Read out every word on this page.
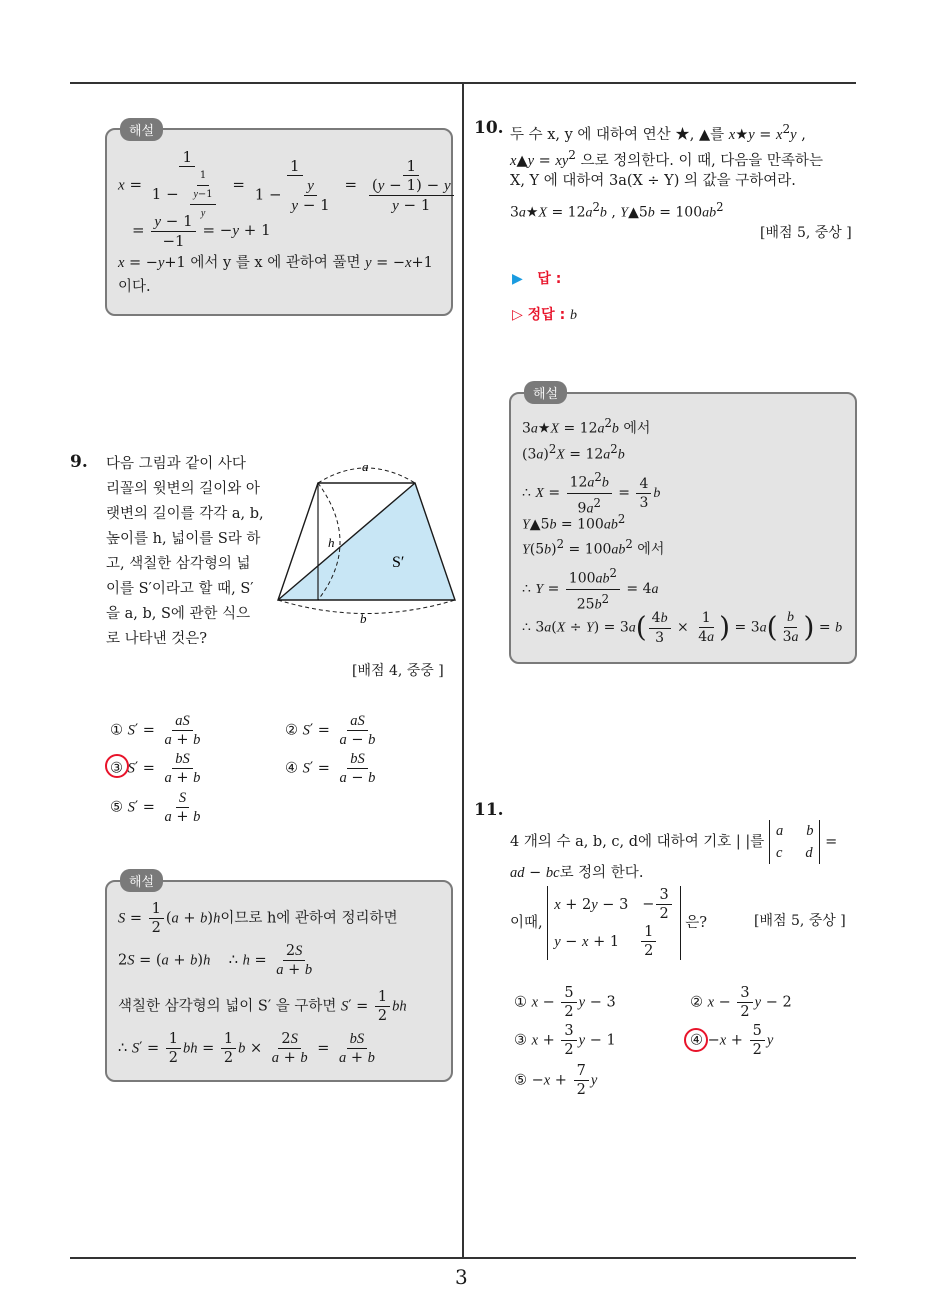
3
해설
$x = \frac{1}{1 - \frac{1}{\frac{y-1}{y}}} = \frac{1}{1 - \frac{y}{y - 1}} = \frac{1}{\frac{(y - 1) - y}{y - 1}}$
= $\frac{y - 1}{-1} = -y + 1$
x = −y+1 에서 y 를 x 에 관하여 풀면 y = −x+1
이다.
9. 다음 그림과 같이 사다
리꼴의 윗변의 길이와 아
랫변의 길이를 각각 a, b,
높이를 h, 넓이를 S라 하
고, 색칠한 삼각형의 넓
이를 S′이라고 할 때, S′
을 a, b, S에 관한 식으
로 나타낸 것은?
a
h
S′
b
[배점 4, 중중 ]
① $S' = \frac{aS}{a + b}$	② $S' = \frac{aS}{a - b}$
③ $S' = \frac{bS}{a + b}$	④ $S' = \frac{bS}{a - b}$
⑤ $S' = \frac{S}{a + b}$
해설
$S = \frac{1}{2} (a + b)h$이므로 h에 관하여 정리하면
2S = (a + b)h    ∴ $h = \frac{2S}{a + b}$
색칠한 삼각형의 넓이 S′ 을 구하면 $S' = \frac{1}{2}$ bh
∴ $S' = \frac{1}{2}$ bh = $\frac{1}{2}$ $b \times \frac{2S}{a + b} = \frac{bS}{a + b}$
10. 두 수 x, y 에 대하여 연산 ★, ▲를 x★y = $x^2y$ ,
x▲y = $xy^2$ 으로 정의한다. 이 때, 다음을 만족하는
X, Y 에 대하여 3a(X ÷ Y) 의 값을 구하여라.
3a★X = $12a^2b$ , Y▲5b = $100ab^2$
[배점 5, 중상 ]
▶ 답 :
▷ 정답 : b
해설
3a★X = $12a^2b$ 에서
$(3a)^2X = 12a^2b$
∴ $X = \frac{12a^2b}{9a^2} = \frac{4}{3}$ b
Y▲5b = $100ab^2$
$Y(5b)^2 = 100ab^2$ 에서
∴ $Y = \frac{100ab^2}{25b^2} = 4a$
∴ $3a(X \div Y) = 3a( \frac{4b}{3} \times \frac{1}{4a}$ ) = $3a( \frac{b}{3a}$ ) = b
11.
4 개의 수 a, b, c, d에 대하여 기호 | |를
a b
c d
=
ad − bc로 정의 한다.
이때,
$x + 2y - 3 - \frac{3}{2}$
$y - x + 1 \frac{1}{2}$ 은?	[배점 5, 중상 ]
① $x - \frac{5}{2}$ y − 3	② $x - \frac{3}{2}$ y − 2
③ $x + \frac{3}{2}$ y − 1	④ $-x + \frac{5}{2}$ y
⑤ $-x + \frac{7}{2}$ y
